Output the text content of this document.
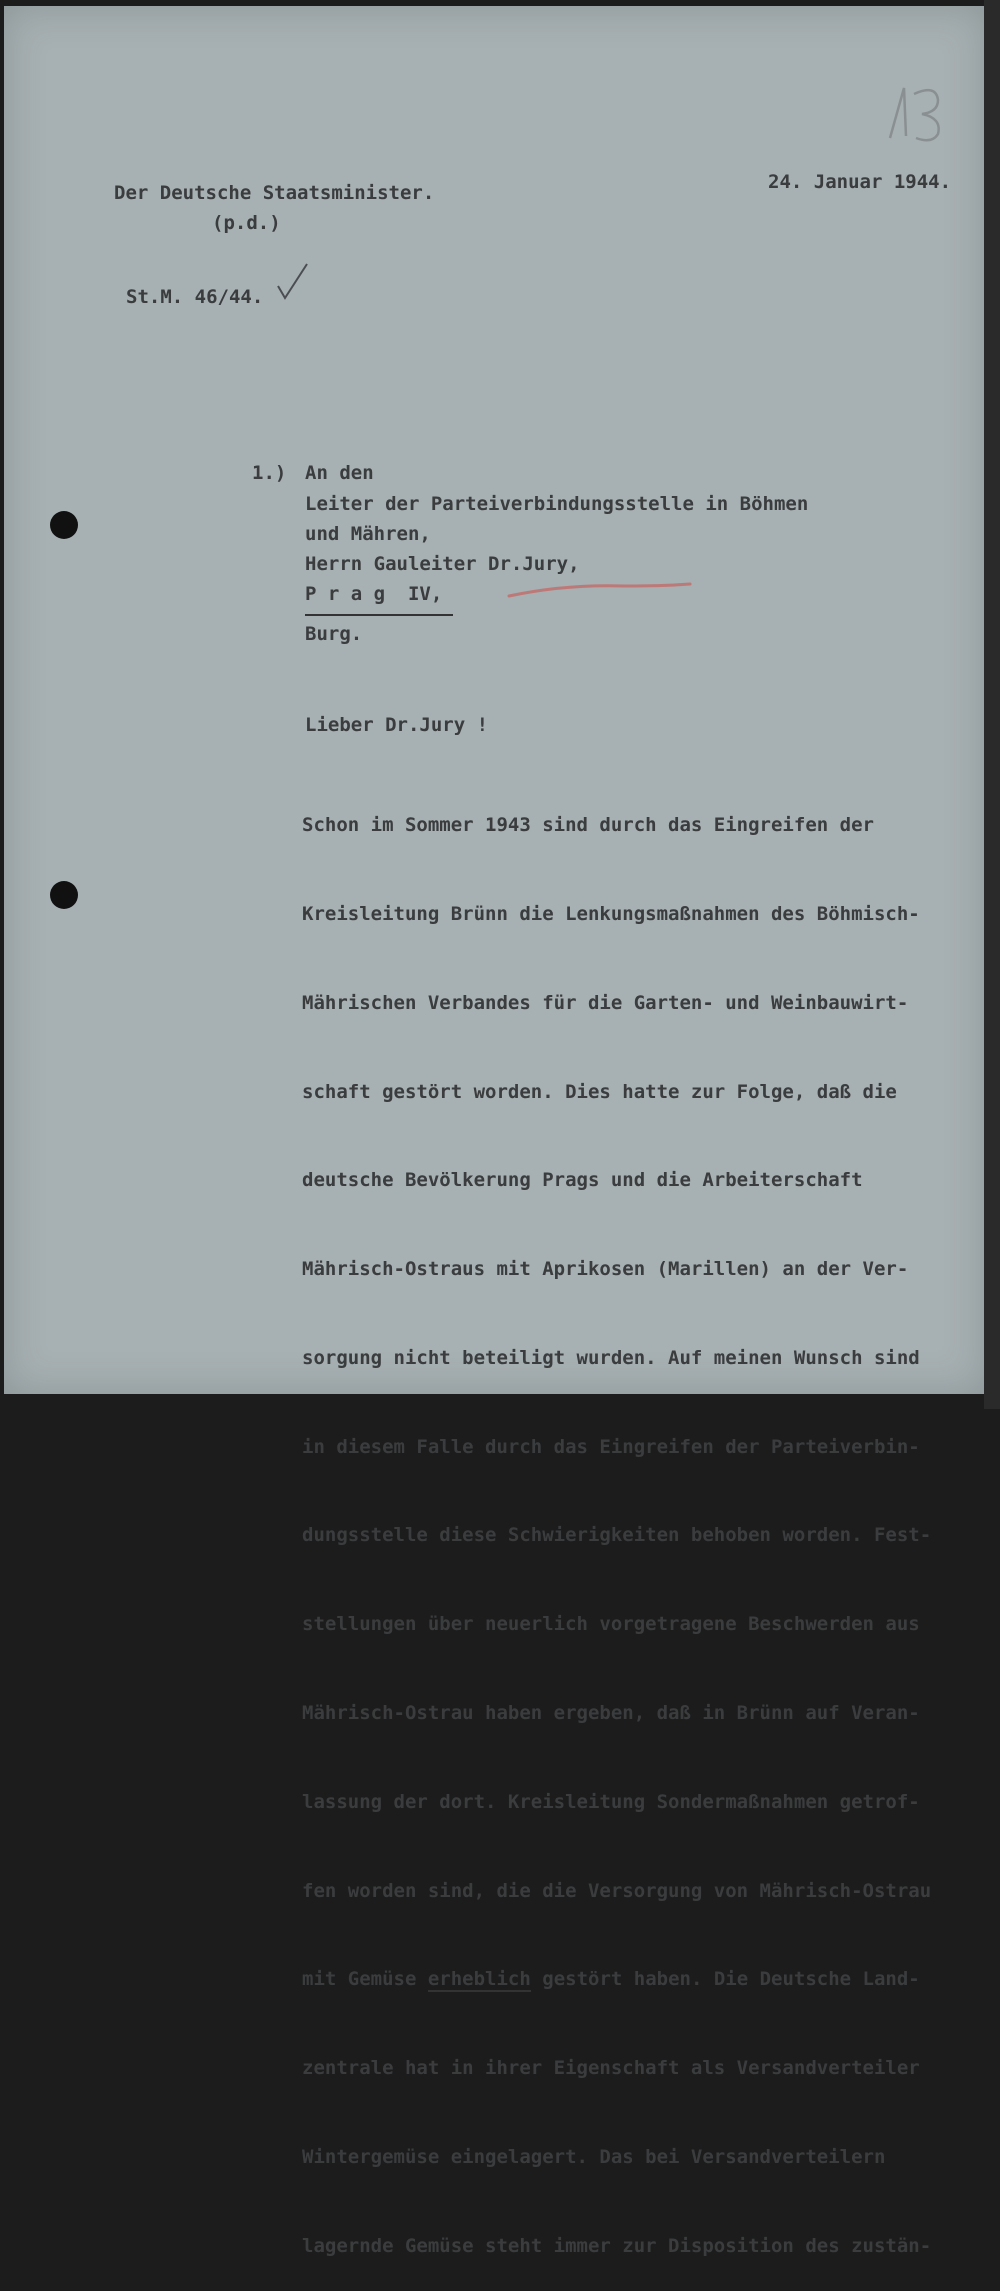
Der Deutsche Staatsminister.
(p.d.)
24. Januar 1944.
St.M. 46/44.
1.) An den
Leiter der Parteiverbindungsstelle in Böhmen
und Mähren,
Herrn Gauleiter Dr.Jury,
P r a g  IV,
Burg.
Lieber Dr.Jury !

Schon im Sommer 1943 sind durch das Eingreifen der

Kreisleitung Brünn die Lenkungsmaßnahmen des Böhmisch-

Mährischen Verbandes für die Garten- und Weinbauwirt-

schaft gestört worden. Dies hatte zur Folge, daß die

deutsche Bevölkerung Prags und die Arbeiterschaft

Mährisch-Ostraus mit Aprikosen (Marillen) an der Ver-

sorgung nicht beteiligt wurden. Auf meinen Wunsch sind

in diesem Falle durch das Eingreifen der Parteiverbin-

dungsstelle diese Schwierigkeiten behoben worden. Fest-

stellungen über neuerlich vorgetragene Beschwerden aus

Mährisch-Ostrau haben ergeben, daß in Brünn auf Veran-

lassung der dort. Kreisleitung Sondermaßnahmen getrof-

fen worden sind, die die Versorgung von Mährisch-Ostrau

mit Gemüse erheblich gestört haben. Die Deutsche Land-

zentrale hat in ihrer Eigenschaft als Versandverteiler

Wintergemüse eingelagert. Das bei Versandverteilern

lagernde Gemüse steht immer zur Disposition des zustän-
